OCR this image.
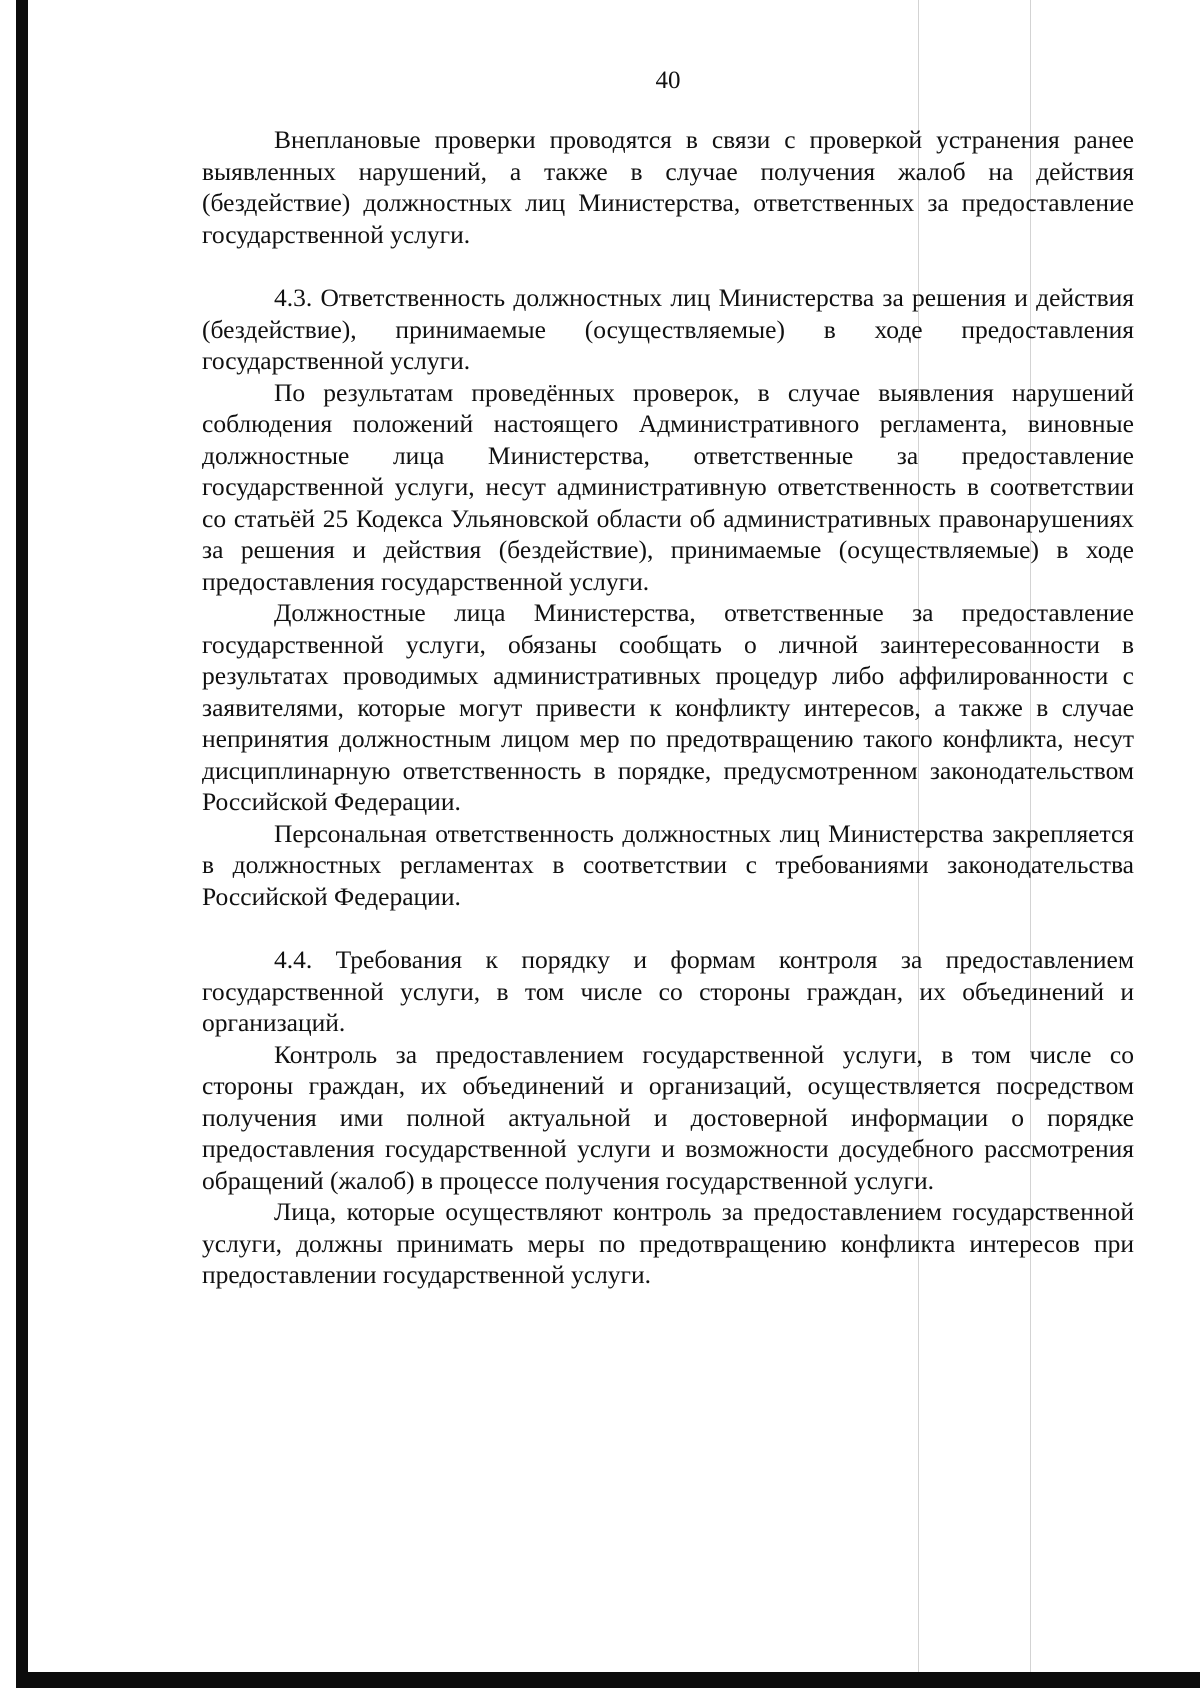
40

Внеплановые проверки проводятся в связи с проверкой устранения ранее выявленных нарушений, а также в случае получения жалоб на действия (бездействие) должностных лиц Министерства, ответственных за предоставление государственной услуги.

4.3. Ответственность должностных лиц Министерства за решения и действия (бездействие), принимаемые (осуществляемые) в ходе предоставления государственной услуги.

По результатам проведённых проверок, в случае выявления нарушений соблюдения положений настоящего Административного регламента, виновные должностные лица Министерства, ответственные за предоставление государственной услуги, несут административную ответственность в соответствии со статьёй 25 Кодекса Ульяновской области об административных правонарушениях за решения и действия (бездействие), принимаемые (осуществляемые) в ходе предоставления государственной услуги.

Должностные лица Министерства, ответственные за предоставление государственной услуги, обязаны сообщать о личной заинтересованности в результатах проводимых административных процедур либо аффилированности с заявителями, которые могут привести к конфликту интересов, а также в случае непринятия должностным лицом мер по предотвращению такого конфликта, несут дисциплинарную ответственность в порядке, предусмотренном законодательством Российской Федерации.

Персональная ответственность должностных лиц Министерства закрепляется в должностных регламентах в соответствии с требованиями законодательства Российской Федерации.

4.4. Требования к порядку и формам контроля за предоставлением государственной услуги, в том числе со стороны граждан, их объединений и организаций.

Контроль за предоставлением государственной услуги, в том числе со стороны граждан, их объединений и организаций, осуществляется посредством получения ими полной актуальной и достоверной информации о порядке предоставления государственной услуги и возможности досудебного рассмотрения обращений (жалоб) в процессе получения государственной услуги.

Лица, которые осуществляют контроль за предоставлением государственной услуги, должны принимать меры по предотвращению конфликта интересов при предоставлении государственной услуги.
